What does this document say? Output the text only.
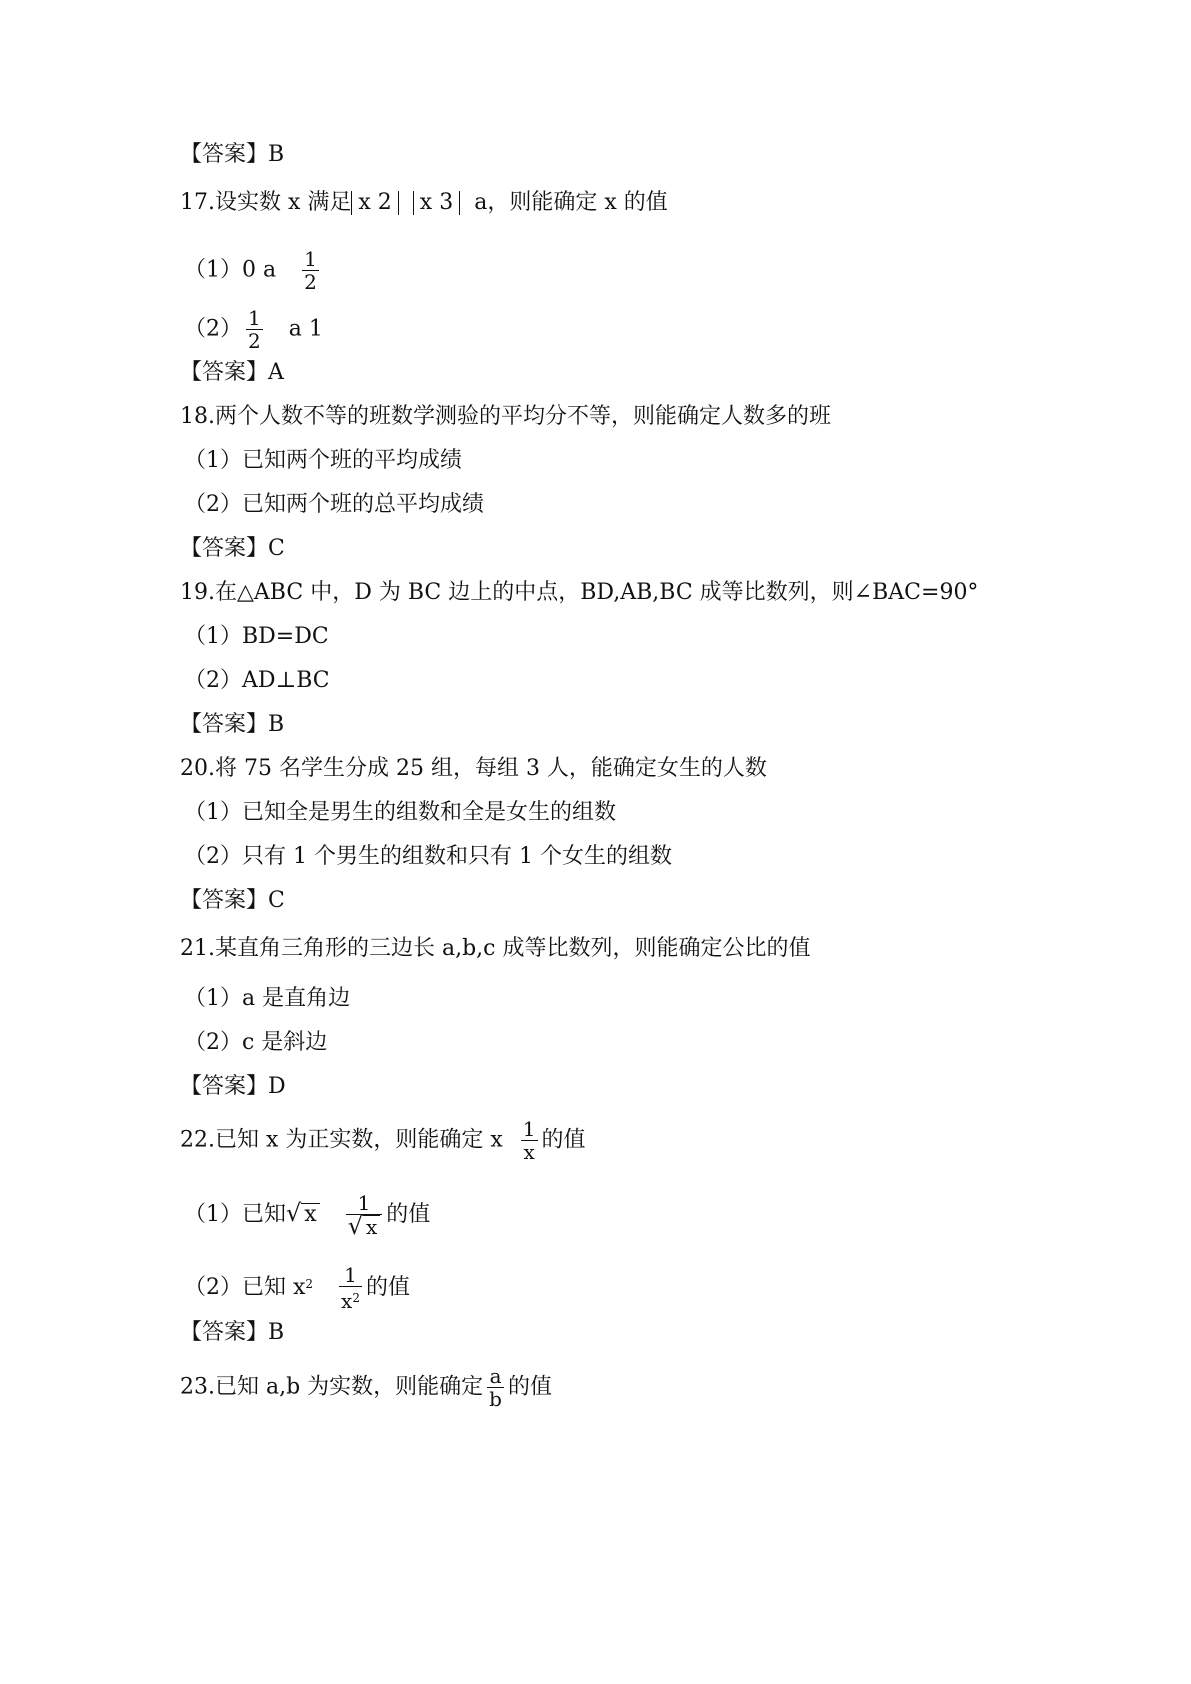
【答案】B
17.设实数 x 满足 x 2 x 3 a，则能确定 x 的值
（1）0 a $\frac{1}{2}$
$(2) \frac{1}{2}$ a 1
【答案】A
18.两个人数不等的班数学测验的平均分不等，则能确定人数多的班
（1）已知两个班的平均成绩
（2）已知两个班的总平均成绩
【答案】C
19.在△ABC 中，D 为 BC 边上的中点，BD,AB,BC 成等比数列，则∠BAC=90°
（1）BD=DC
（2）AD⊥BC
【答案】B
20.将 75 名学生分成 25 组，每组 3 人，能确定女生的人数
（1）已知全是男生的组数和全是女生的组数
（2）只有 1 个男生的组数和只有 1 个女生的组数
【答案】C
21.某直角三角形的三边长 a,b,c 成等比数列，则能确定公比的值
（1）a 是直角边
（2）c 是斜边
【答案】D
22.已知 x 为正实数，则能确定 x $\frac{1}{x}$ 的值
（1）已知√ x $\frac{1}{√ x}$ 的值
（2）已知 $x^2 \frac{1}{x^2}$ 的值
【答案】B
23.已知 a,b 为实数，则能确定 $\frac{a}{b}$ 的值
